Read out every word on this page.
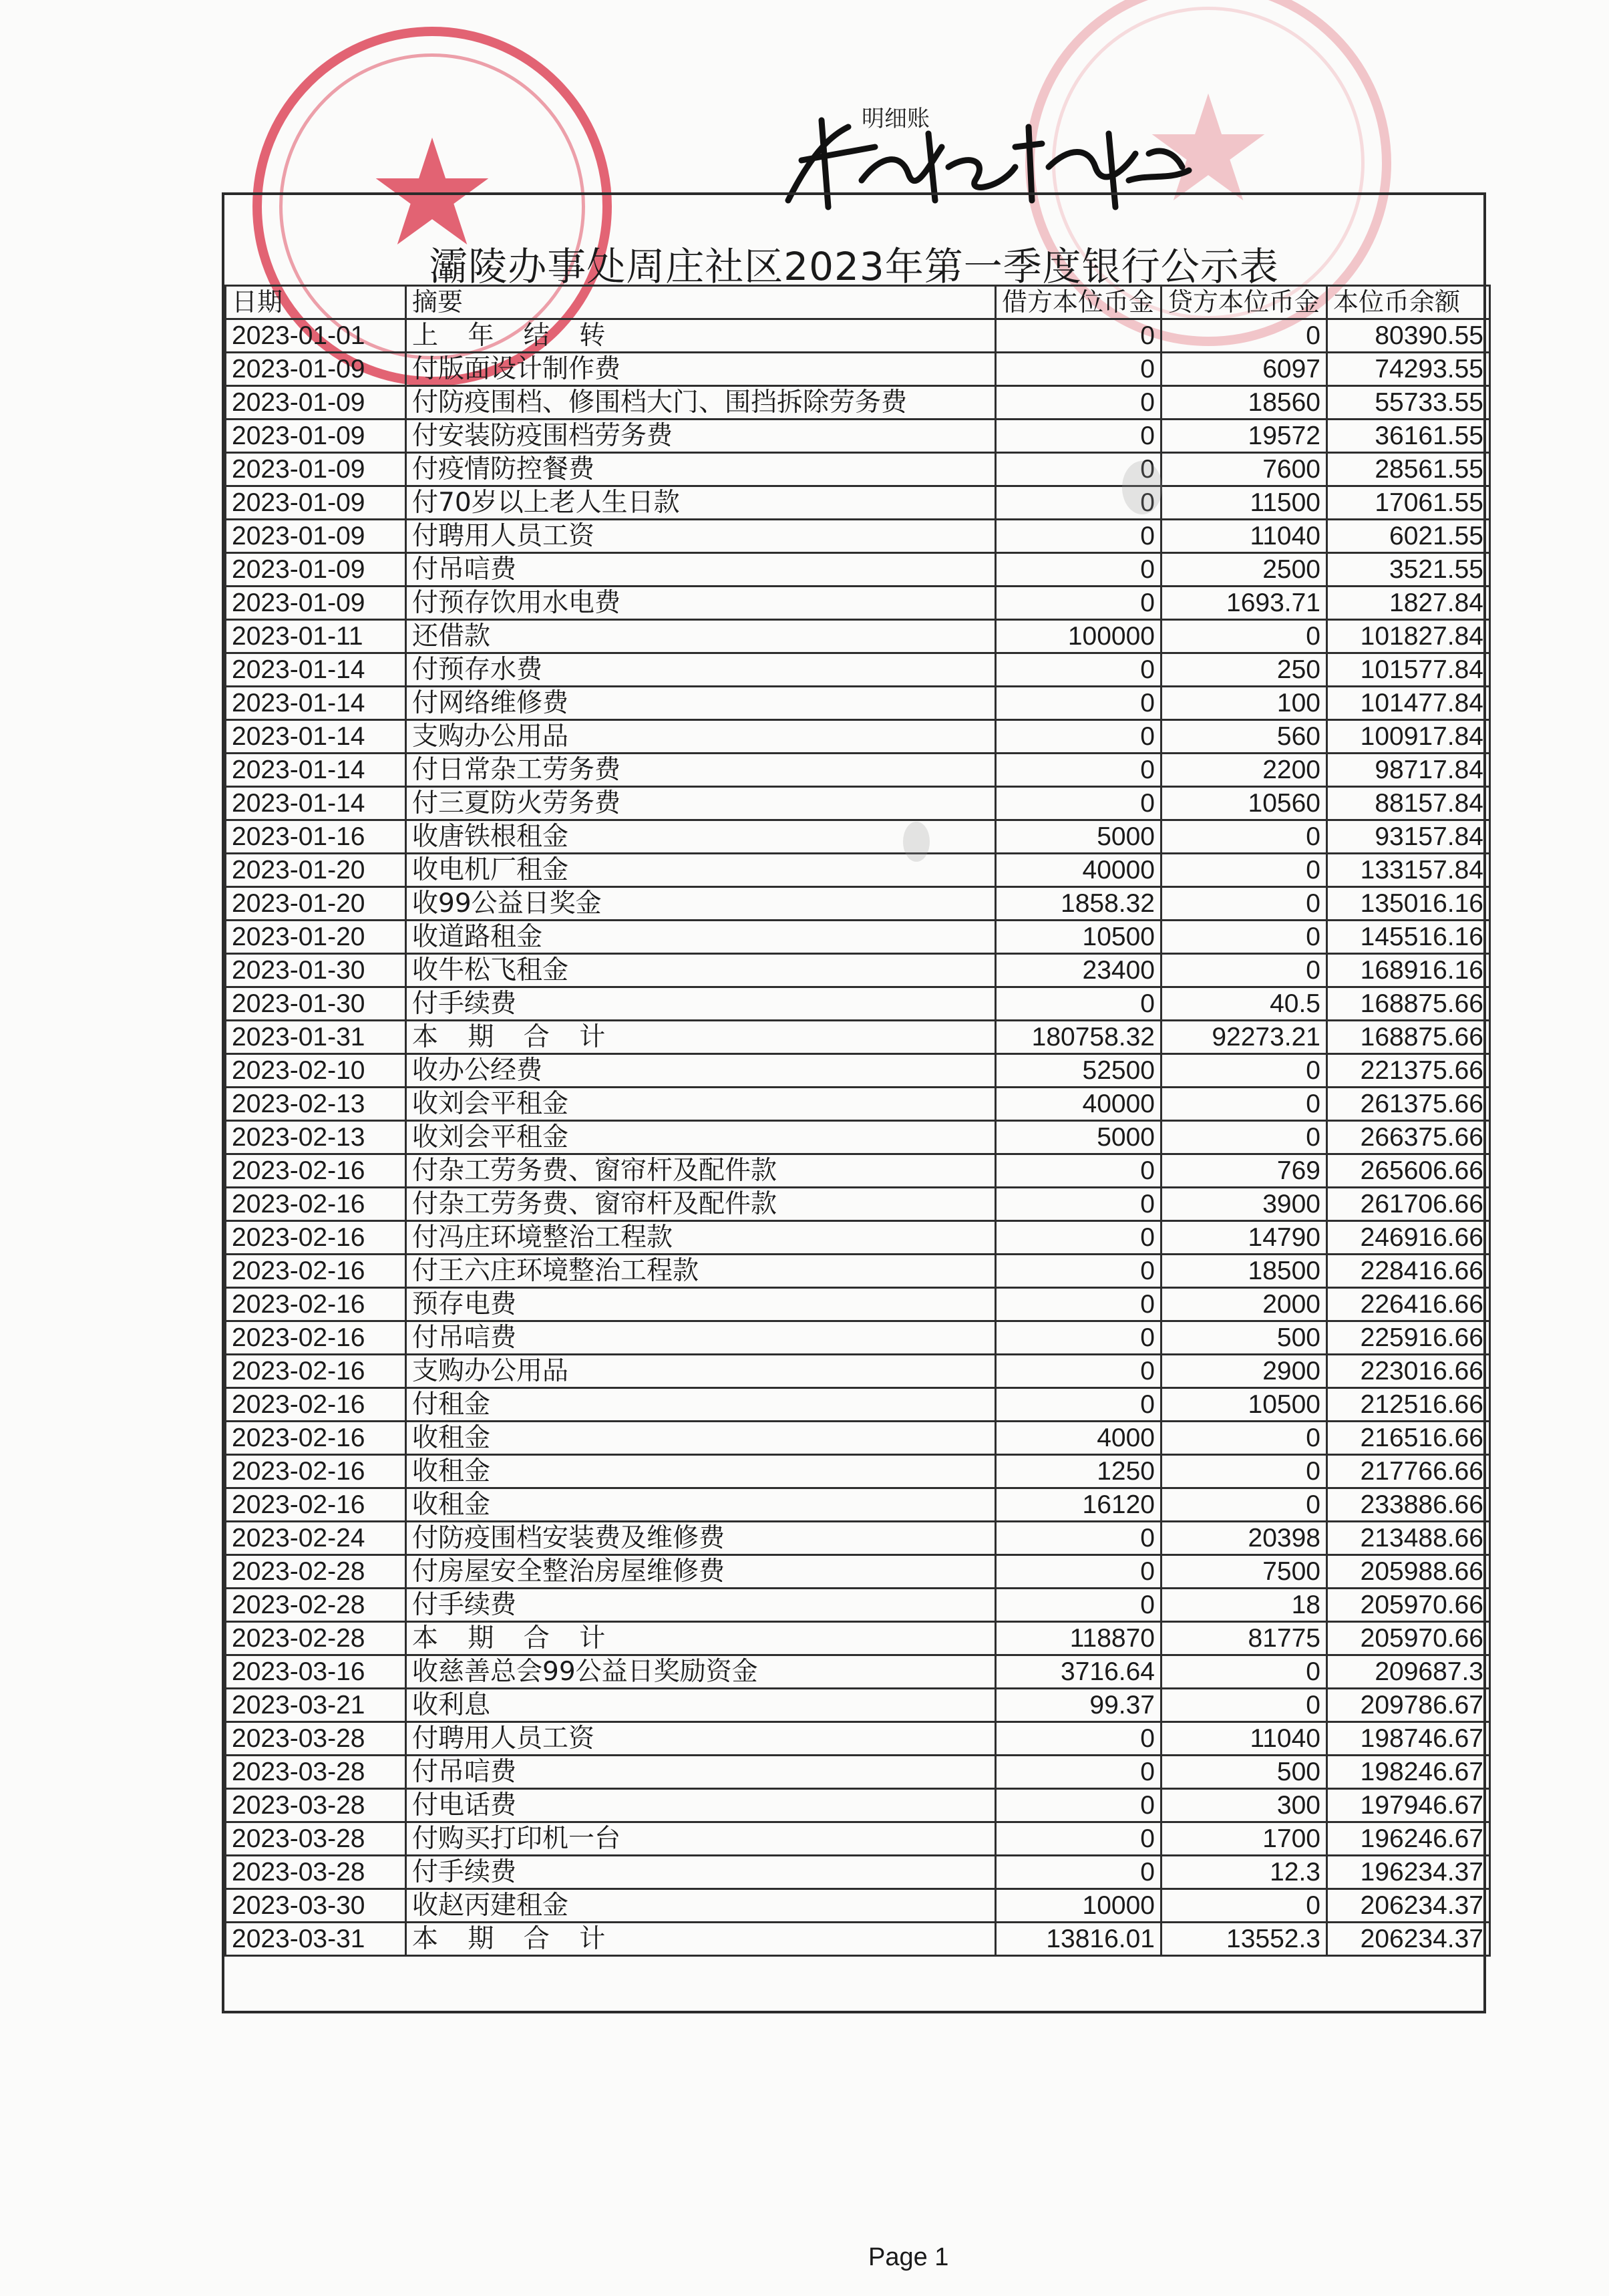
★	★
明细账
灞陵办事处周庄社区2023年第一季度银行公示表
日期	摘要	借方本位币金	贷方本位币金	本位币余额
2023-01-01	上 年 结 转	0	0	80390.55
2023-01-09	付版面设计制作费	0	6097	74293.55
2023-01-09	付防疫围档、修围档大门、围挡拆除劳务费	0	18560	55733.55
2023-01-09	付安装防疫围档劳务费	0	19572	36161.55
2023-01-09	付疫情防控餐费	0	7600	28561.55
2023-01-09	付70岁以上老人生日款	0	11500	17061.55
2023-01-09	付聘用人员工资	0	11040	6021.55
2023-01-09	付吊唁费	0	2500	3521.55
2023-01-09	付预存饮用水电费	0	1693.71	1827.84
2023-01-11	还借款	100000	0	101827.84
2023-01-14	付预存水费	0	250	101577.84
2023-01-14	付网络维修费	0	100	101477.84
2023-01-14	支购办公用品	0	560	100917.84
2023-01-14	付日常杂工劳务费	0	2200	98717.84
2023-01-14	付三夏防火劳务费	0	10560	88157.84
2023-01-16	收唐铁根租金	5000	0	93157.84
2023-01-20	收电机厂租金	40000	0	133157.84
2023-01-20	收99公益日奖金	1858.32	0	135016.16
2023-01-20	收道路租金	10500	0	145516.16
2023-01-30	收牛松飞租金	23400	0	168916.16
2023-01-30	付手续费	0	40.5	168875.66
2023-01-31	本 期 合 计	180758.32	92273.21	168875.66
2023-02-10	收办公经费	52500	0	221375.66
2023-02-13	收刘会平租金	40000	0	261375.66
2023-02-13	收刘会平租金	5000	0	266375.66
2023-02-16	付杂工劳务费、窗帘杆及配件款	0	769	265606.66
2023-02-16	付杂工劳务费、窗帘杆及配件款	0	3900	261706.66
2023-02-16	付冯庄环境整治工程款	0	14790	246916.66
2023-02-16	付王六庄环境整治工程款	0	18500	228416.66
2023-02-16	预存电费	0	2000	226416.66
2023-02-16	付吊唁费	0	500	225916.66
2023-02-16	支购办公用品	0	2900	223016.66
2023-02-16	付租金	0	10500	212516.66
2023-02-16	收租金	4000	0	216516.66
2023-02-16	收租金	1250	0	217766.66
2023-02-16	收租金	16120	0	233886.66
2023-02-24	付防疫围档安装费及维修费	0	20398	213488.66
2023-02-28	付房屋安全整治房屋维修费	0	7500	205988.66
2023-02-28	付手续费	0	18	205970.66
2023-02-28	本 期 合 计	118870	81775	205970.66
2023-03-16	收慈善总会99公益日奖励资金	3716.64	0	209687.3
2023-03-21	收利息	99.37	0	209786.67
2023-03-28	付聘用人员工资	0	11040	198746.67
2023-03-28	付吊唁费	0	500	198246.67
2023-03-28	付电话费	0	300	197946.67
2023-03-28	付购买打印机一台	0	1700	196246.67
2023-03-28	付手续费	0	12.3	196234.37
2023-03-30	收赵丙建租金	10000	0	206234.37
2023-03-31	本 期 合 计	13816.01	13552.3	206234.37
Page 1
